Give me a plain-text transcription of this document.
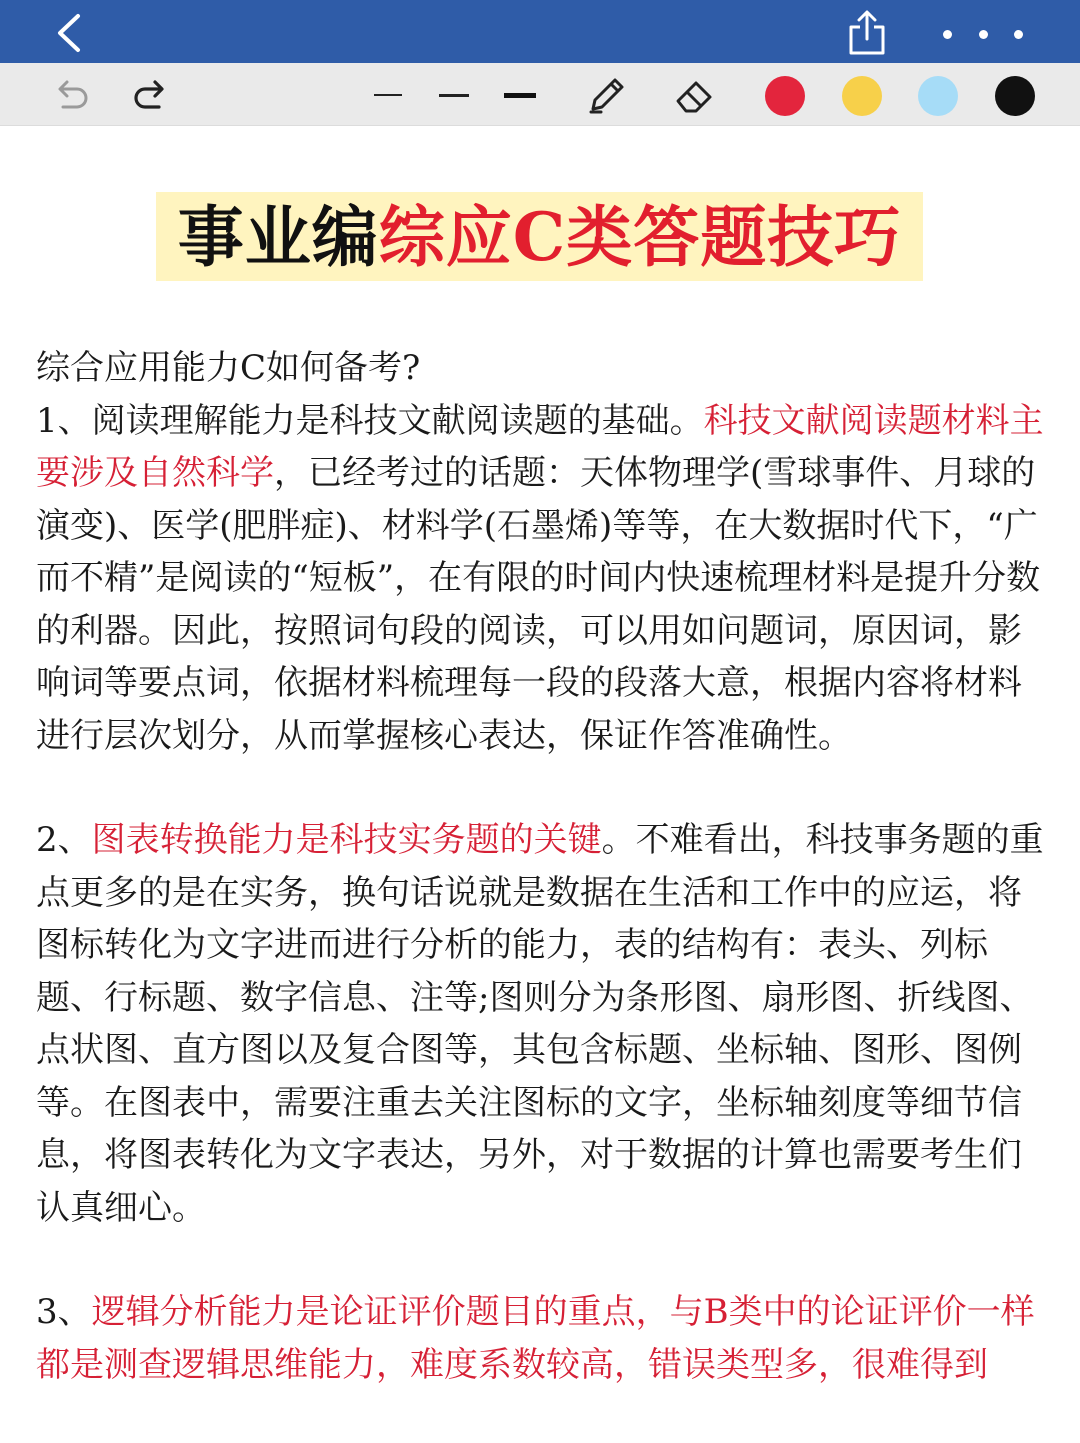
事业编综应C类答题技巧

综合应用能力C如何备考?

1、阅读理解能力是科技文献阅读题的基础。科技文献阅读题材料主要涉及自然科学，已经考过的话题：天体物理学(雪球事件、月球的演变)、医学(肥胖症)、材料学(石墨烯)等等，在大数据时代下，“广而不精”是阅读的“短板”，在有限的时间内快速梳理材料是提升分数的利器。因此，按照词句段的阅读，可以用如问题词，原因词，影响词等要点词，依据材料梳理每一段的段落大意，根据内容将材料进行层次划分，从而掌握核心表达，保证作答准确性。

2、图表转换能力是科技实务题的关键。不难看出，科技事务题的重点更多的是在实务，换句话说就是数据在生活和工作中的应运，将图标转化为文字进而进行分析的能力，表的结构有：表头、列标题、行标题、数字信息、注等;图则分为条形图、扇形图、折线图、点状图、直方图以及复合图等，其包含标题、坐标轴、图形、图例等。在图表中，需要注重去关注图标的文字，坐标轴刻度等细节信息，将图表转化为文字表达，另外，对于数据的计算也需要考生们认真细心。

3、逻辑分析能力是论证评价题目的重点，与B类中的论证评价一样都是测查逻辑思维能力，难度系数较高，错误类型多，很难得到
